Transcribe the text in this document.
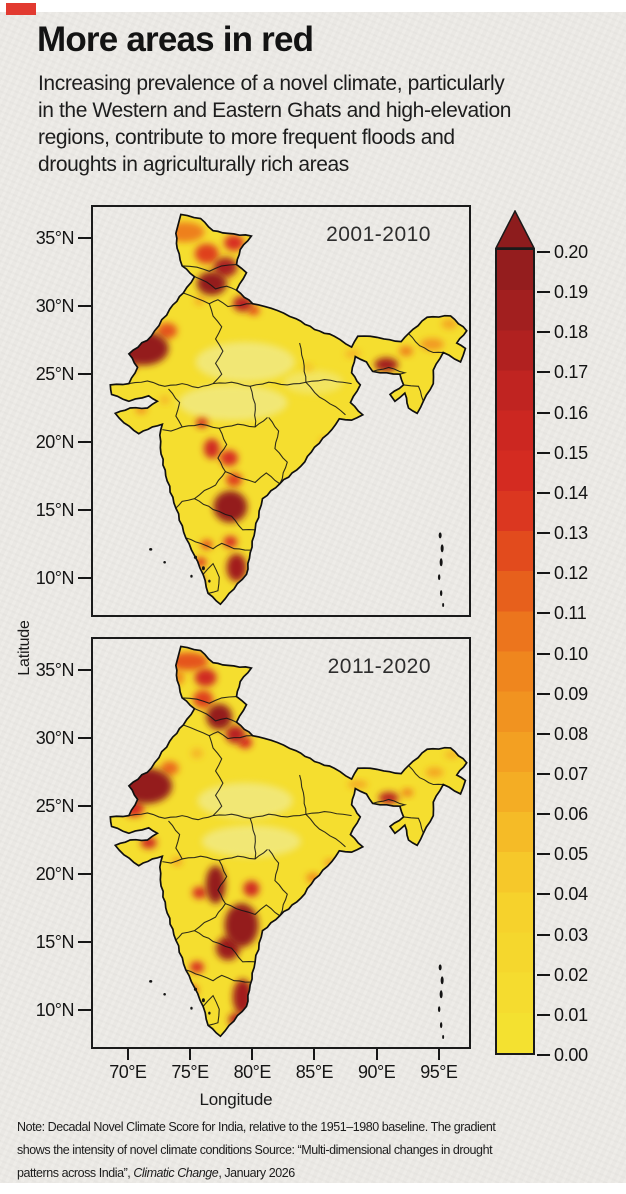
More areas in red

Increasing prevalence of a novel climate, particularly
in the Western and Eastern Ghats and high-elevation
regions, contribute to more frequent floods and
droughts in agriculturally rich areas

Latitude
Longitude
2001-2010
35°N
30°N
25°N
20°N
15°N
10°N
2011-2020
35°N
30°N
25°N
20°N
15°N
10°N
70°E	75°E	80°E	85°E	90°E	95°E
0.20
0.19
0.18
0.17
0.16
0.15
0.14
0.13
0.12
0.11
0.10
0.09
0.08
0.07
0.06
0.05
0.04
0.03
0.02
0.01
0.00
Note: Decadal Novel Climate Score for India, relative to the 1951–1980 baseline. The gradient
shows the intensity of novel climate conditions Source: “Multi-dimensional changes in drought
patterns across India”, Climatic Change, January 2026
